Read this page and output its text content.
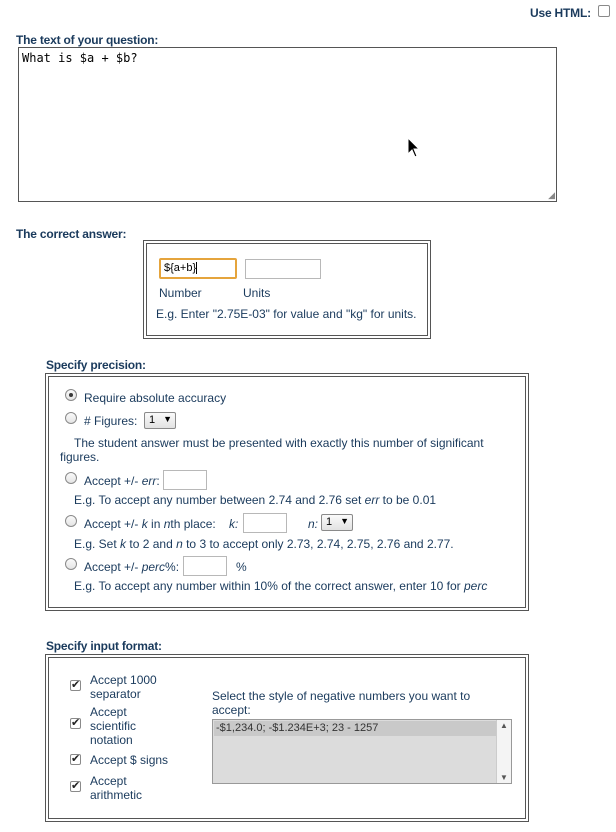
Use HTML:
The text of your question:
What is $a + $b?
◢
The correct answer:
${a+b}
Number	Units
E.g. Enter "2.75E-03" for value and "kg" for units.
Specify precision:
Require absolute accuracy
# Figures: 1 ▼
The student answer must be presented with exactly this number of significant
figures.
Accept +/- err:
E.g. To accept any number between 2.74 and 2.76 set err to be 0.01
Accept +/- k in nth place: k:	n: 1 ▼
E.g. Set k to 2 and n to 3 to accept only 2.73, 2.74, 2.75, 2.76 and 2.77.
Accept +/- perc%:	%
E.g. To accept any number within 10% of the correct answer, enter 10 for perc
Specify input format:
✔
Accept 1000
separator
✔
Accept
scientific
notation
✔
Accept $ signs
✔
Accept
arithmetic
Select the style of negative numbers you want to
accept:
-$1,234.0; -$1.234E+3; 23 - 1257	▲
▼
